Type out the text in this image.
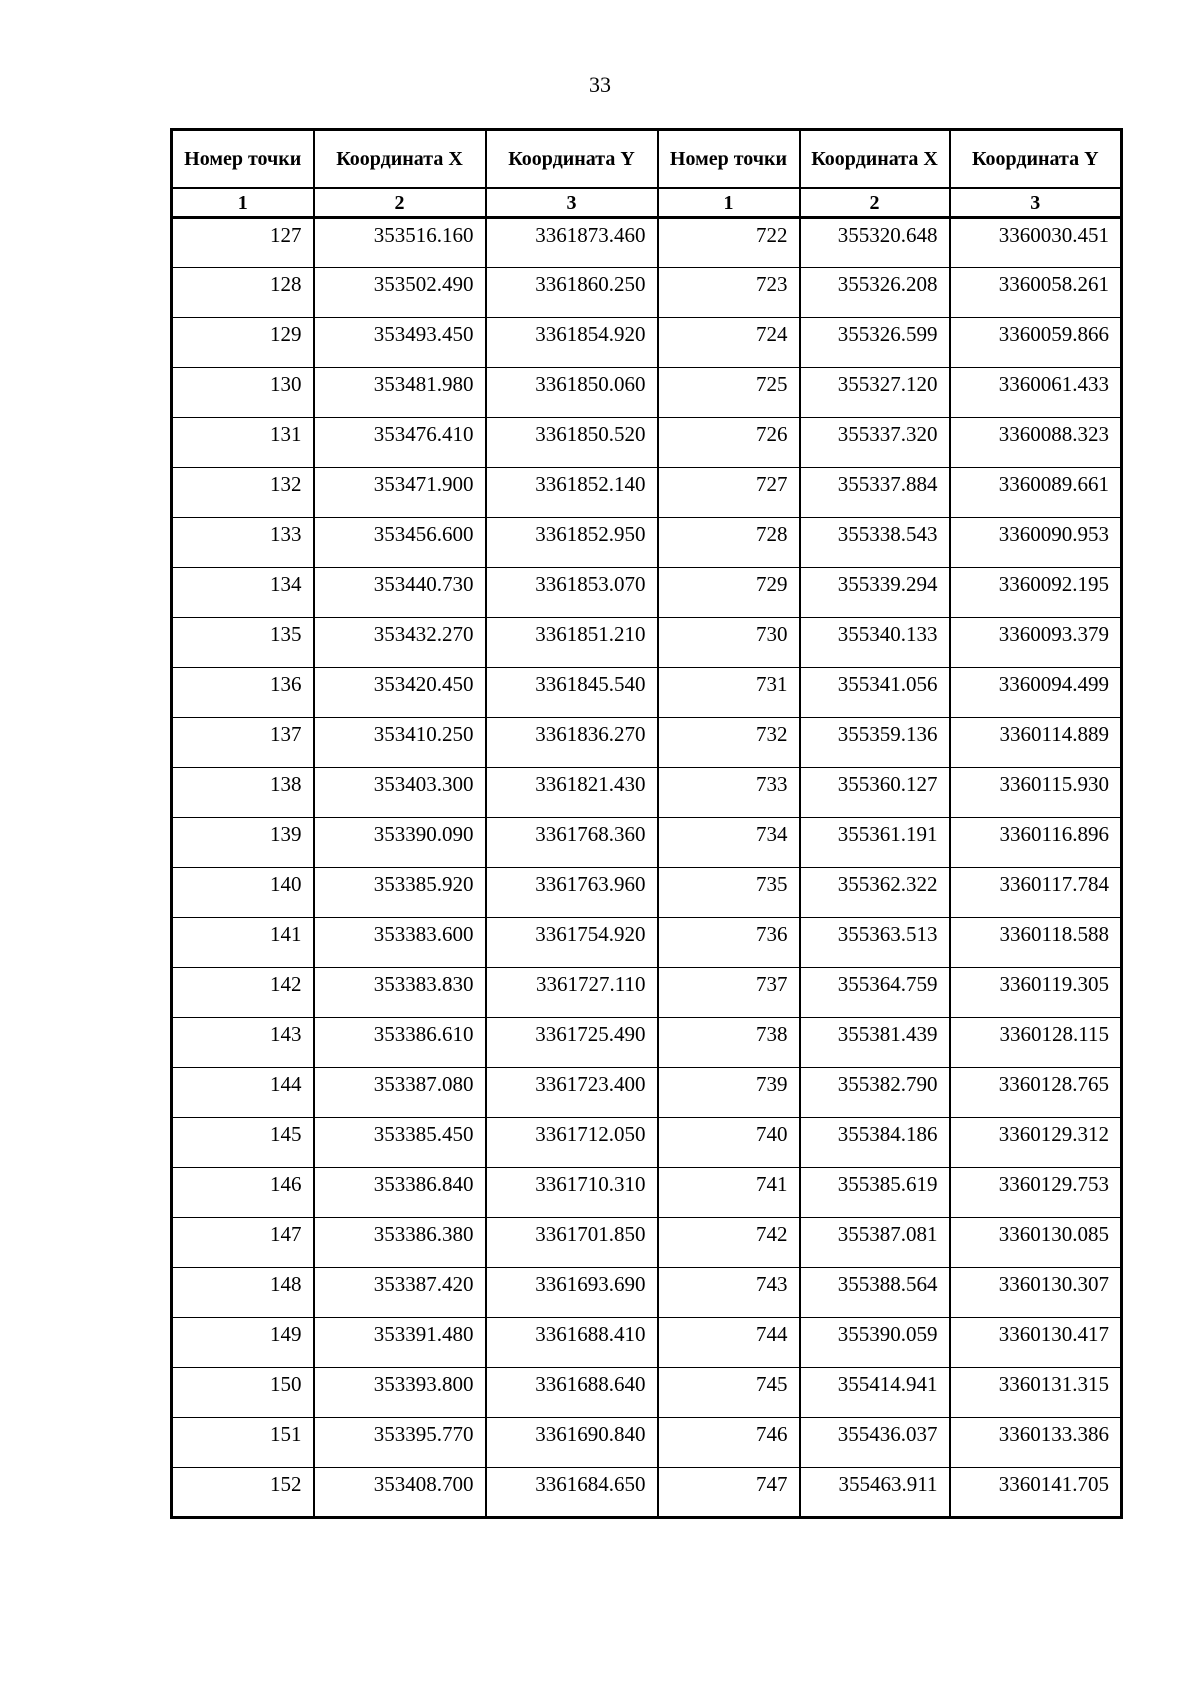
33
Номер точки	Координата X	Координата Y	Номер точки	Координата X	Координата Y
1	2	3	1	2	3
127	353516.160	3361873.460	722	355320.648	3360030.451
128	353502.490	3361860.250	723	355326.208	3360058.261
129	353493.450	3361854.920	724	355326.599	3360059.866
130	353481.980	3361850.060	725	355327.120	3360061.433
131	353476.410	3361850.520	726	355337.320	3360088.323
132	353471.900	3361852.140	727	355337.884	3360089.661
133	353456.600	3361852.950	728	355338.543	3360090.953
134	353440.730	3361853.070	729	355339.294	3360092.195
135	353432.270	3361851.210	730	355340.133	3360093.379
136	353420.450	3361845.540	731	355341.056	3360094.499
137	353410.250	3361836.270	732	355359.136	3360114.889
138	353403.300	3361821.430	733	355360.127	3360115.930
139	353390.090	3361768.360	734	355361.191	3360116.896
140	353385.920	3361763.960	735	355362.322	3360117.784
141	353383.600	3361754.920	736	355363.513	3360118.588
142	353383.830	3361727.110	737	355364.759	3360119.305
143	353386.610	3361725.490	738	355381.439	3360128.115
144	353387.080	3361723.400	739	355382.790	3360128.765
145	353385.450	3361712.050	740	355384.186	3360129.312
146	353386.840	3361710.310	741	355385.619	3360129.753
147	353386.380	3361701.850	742	355387.081	3360130.085
148	353387.420	3361693.690	743	355388.564	3360130.307
149	353391.480	3361688.410	744	355390.059	3360130.417
150	353393.800	3361688.640	745	355414.941	3360131.315
151	353395.770	3361690.840	746	355436.037	3360133.386
152	353408.700	3361684.650	747	355463.911	3360141.705
